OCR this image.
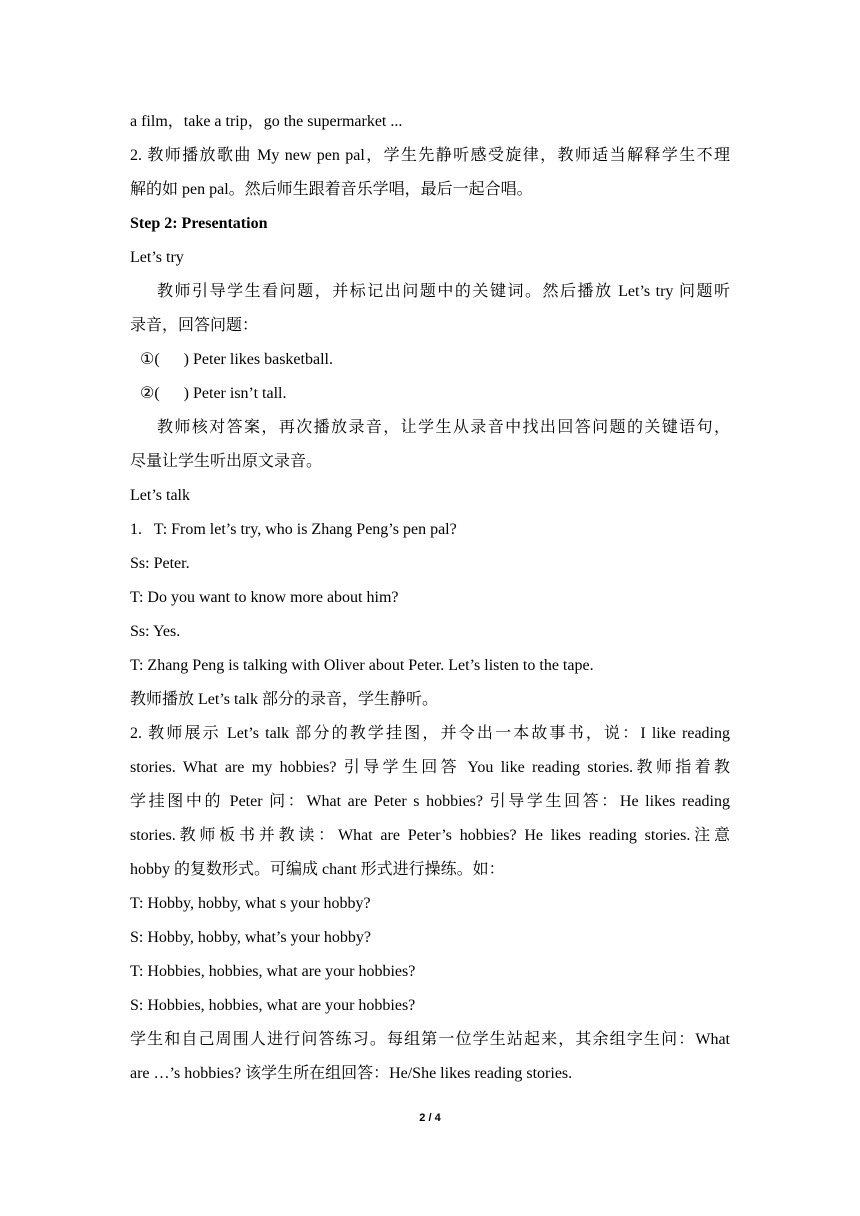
a film，take a trip，go the supermarket ...
2. 教师播放歌曲 My new pen pal，学生先静听感受旋律，教师适当解释学生不理
解的如 pen pal。然后师生跟着音乐学唱，最后一起合唱。
Step 2: Presentation
Let’s try
教师引导学生看问题，并标记出问题中的关键词。然后播放 Let’s try 问题听
录音，回答问题：
①(      ) Peter likes basketball.
②(      ) Peter isn’t tall.
教师核对答案，再次播放录音，让学生从录音中找出回答问题的关键语句，
尽量让学生听出原文录音。
Let’s talk
1.   T: From let’s try, who is Zhang Peng’s pen pal?
Ss: Peter.
T: Do you want to know more about him?
Ss: Yes.
T: Zhang Peng is talking with Oliver about Peter. Let’s listen to the tape.
教师播放 Let’s talk 部分的录音，学生静听。
2. 教师展示 Let’s talk 部分的教学挂图，并令出一本故事书，说：I like reading
stories. What are my hobbies? 引导学生回答 You like reading stories.教师指着教
学挂图中的 Peter 问：What are Peter s hobbies? 引导学生回答：He likes reading
stories.教师板书并教读：What are Peter’s hobbies? He likes reading stories.注意
hobby 的复数形式。可编成 chant 形式进行操练。如：
T: Hobby, hobby, what s your hobby?
S: Hobby, hobby, what’s your hobby?
T: Hobbies, hobbies, what are your hobbies?
S: Hobbies, hobbies, what are your hobbies?
学生和自己周围人进行问答练习。每组第一位学生站起来，其余组字生问：What
are …’s hobbies? 该学生所在组回答：He/She likes reading stories.
2 / 4
